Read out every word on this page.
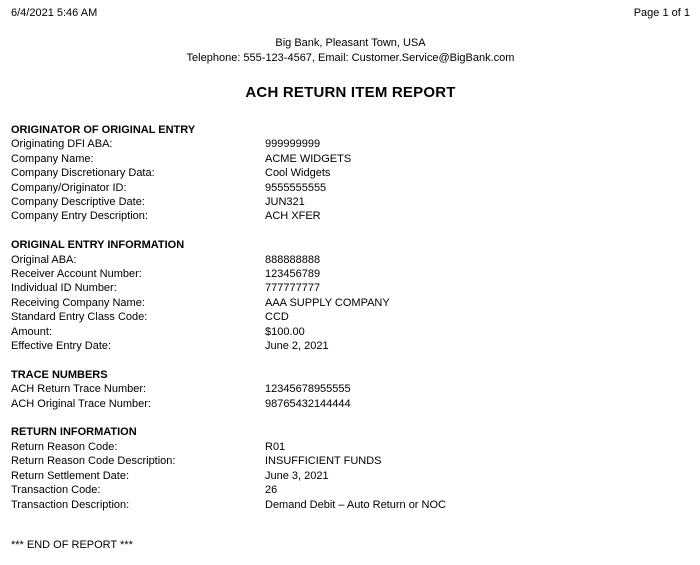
6/4/2021 5:46 AM	Page 1 of 1
Big Bank, Pleasant Town, USA
Telephone: 555-123-4567, Email: Customer.Service@BigBank.com
ACH RETURN ITEM REPORT
ORIGINATOR OF ORIGINAL ENTRY
Originating DFI ABA:	999999999
Company Name:	ACME WIDGETS
Company Discretionary Data:	Cool Widgets
Company/Originator ID:	9555555555
Company Descriptive Date:	JUN321
Company Entry Description:	ACH XFER
ORIGINAL ENTRY INFORMATION
Original ABA:	888888888
Receiver Account Number:	123456789
Individual ID Number:	777777777
Receiving Company Name:	AAA SUPPLY COMPANY
Standard Entry Class Code:	CCD
Amount:	$100.00
Effective Entry Date:	June 2, 2021
TRACE NUMBERS
ACH Return Trace Number:	12345678955555
ACH Original Trace Number:	98765432144444
RETURN INFORMATION
Return Reason Code:	R01
Return Reason Code Description:	INSUFFICIENT FUNDS
Return Settlement Date:	June 3, 2021
Transaction Code:	26
Transaction Description:	Demand Debit – Auto Return or NOC
*** END OF REPORT ***
